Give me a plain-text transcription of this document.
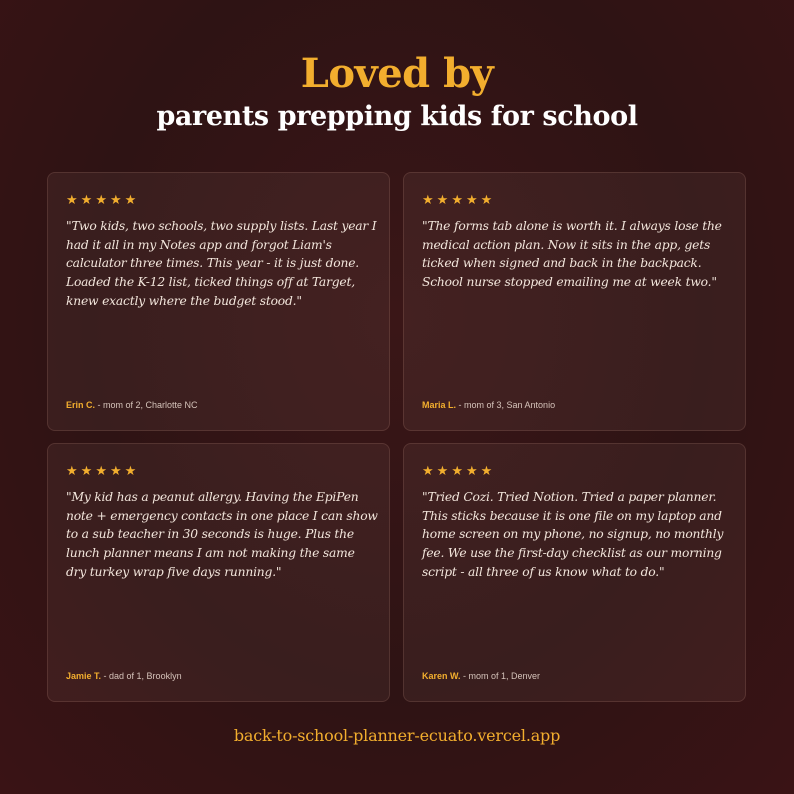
Loved by
parents prepping kids for school
★ ★ ★ ★ ★

"Two kids, two schools, two supply lists. Last year I had it all in my Notes app and forgot Liam's calculator three times. This year - it is just done. Loaded the K-12 list, ticked things off at Target, knew exactly where the budget stood."

Erin C. - mom of 2, Charlotte NC
★ ★ ★ ★ ★

"The forms tab alone is worth it. I always lose the medical action plan. Now it sits in the app, gets ticked when signed and back in the backpack. School nurse stopped emailing me at week two."

Maria L. - mom of 3, San Antonio
★ ★ ★ ★ ★

"My kid has a peanut allergy. Having the EpiPen note + emergency contacts in one place I can show to a sub teacher in 30 seconds is huge. Plus the lunch planner means I am not making the same dry turkey wrap five days running."

Jamie T. - dad of 1, Brooklyn
★ ★ ★ ★ ★

"Tried Cozi. Tried Notion. Tried a paper planner. This sticks because it is one file on my laptop and home screen on my phone, no signup, no monthly fee. We use the first-day checklist as our morning script - all three of us know what to do."

Karen W. - mom of 1, Denver
back-to-school-planner-ecuato.vercel.app
